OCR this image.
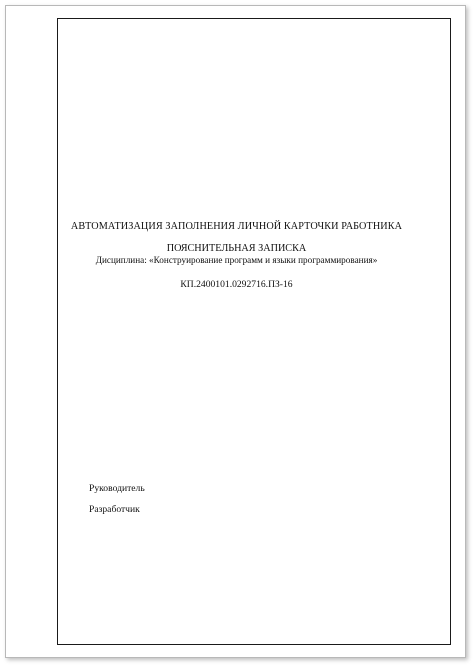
АВТОМАТИЗАЦИЯ ЗАПОЛНЕНИЯ ЛИЧНОЙ КАРТОЧКИ РАБОТНИКА
ПОЯСНИТЕЛЬНАЯ ЗАПИСКА
Дисциплина: «Конструирование программ и языки программирования»
КП.2400101.0292716.ПЗ-16
Руководитель
Разработчик
